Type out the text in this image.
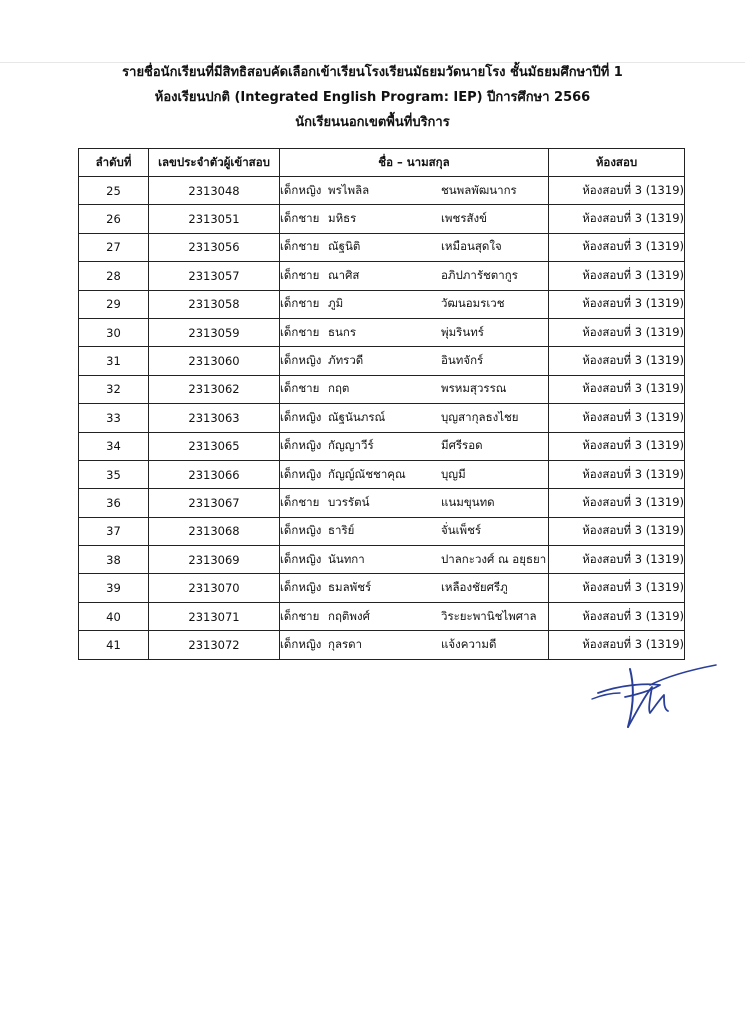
รายชื่อนักเรียนที่มีสิทธิสอบคัดเลือกเข้าเรียนโรงเรียนมัธยมวัดนายโรง ชั้นมัธยมศึกษาปีที่ 1
ห้องเรียนปกติ (Integrated English Program: IEP) ปีการศึกษา 2566
นักเรียนนอกเขตพื้นที่บริการ
ลำดับที่	เลขประจำตัวผู้เข้าสอบ	ชื่อ – นามสกุล	ห้องสอบ
25	2313048	เด็กหญิง พรไพลิล ชนพลพัฒนากร	ห้องสอบที่ 3 (1319)
26	2313051	เด็กชาย มหิธร เพชรสังข์	ห้องสอบที่ 3 (1319)
27	2313056	เด็กชาย ณัฐนิติ เหมือนสุดใจ	ห้องสอบที่ 3 (1319)
28	2313057	เด็กชาย ณาศิส อภิปภารัชตากูร	ห้องสอบที่ 3 (1319)
29	2313058	เด็กชาย ภูมิ วัฒนอมรเวช	ห้องสอบที่ 3 (1319)
30	2313059	เด็กชาย ธนกร พุ่มรินทร์	ห้องสอบที่ 3 (1319)
31	2313060	เด็กหญิง ภัทรวดี อินทจักร์	ห้องสอบที่ 3 (1319)
32	2313062	เด็กชาย กฤต พรหมสุวรรณ	ห้องสอบที่ 3 (1319)
33	2313063	เด็กหญิง ณัฐนันภรณ์ บุญสากุลธงไชย	ห้องสอบที่ 3 (1319)
34	2313065	เด็กหญิง กัญญาวีร์ มีศรีรอด	ห้องสอบที่ 3 (1319)
35	2313066	เด็กหญิง กัญญ์ณัชชาคุณ บุญมี	ห้องสอบที่ 3 (1319)
36	2313067	เด็กชาย บวรรัตน์ แนมขุนทด	ห้องสอบที่ 3 (1319)
37	2313068	เด็กหญิง ธาริย์ จั่นเพ็ชร์	ห้องสอบที่ 3 (1319)
38	2313069	เด็กหญิง นันทกา ปาลกะวงศ์ ณ อยุธยา	ห้องสอบที่ 3 (1319)
39	2313070	เด็กหญิง ธมลพัชร์ เหลืองชัยศรีภู	ห้องสอบที่ 3 (1319)
40	2313071	เด็กชาย กฤติพงศ์ วิระยะพานิชไพศาล	ห้องสอบที่ 3 (1319)
41	2313072	เด็กหญิง กุลรดา แจ้งความดี	ห้องสอบที่ 3 (1319)
